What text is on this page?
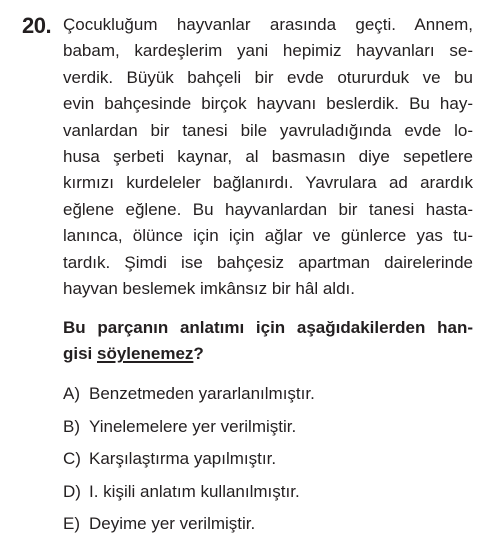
20. Çocukluğum hayvanlar arasında geçti. Annem,
babam, kardeşlerim yani hepimiz hayvanları se-
verdik. Büyük bahçeli bir evde otururduk ve bu
evin bahçesinde birçok hayvanı beslerdik. Bu hay-
vanlardan bir tanesi bile yavruladığında evde lo-
husa şerbeti kaynar, al basmasın diye sepetlere
kırmızı kurdeleler bağlanırdı. Yavrulara ad arardık
eğlene eğlene. Bu hayvanlardan bir tanesi hasta-
lanınca, ölünce için için ağlar ve günlerce yas tu-
tardık. Şimdi ise bahçesiz apartman dairelerinde
hayvan beslemek imkânsız bir hâl aldı.

Bu parçanın anlatımı için aşağıdakilerden han-
gisi söylenemez?

A) Benzetmeden yararlanılmıştır.
B) Yinelemelere yer verilmiştir.
C) Karşılaştırma yapılmıştır.
D) I. kişili anlatım kullanılmıştır.
E) Deyime yer verilmiştir.
